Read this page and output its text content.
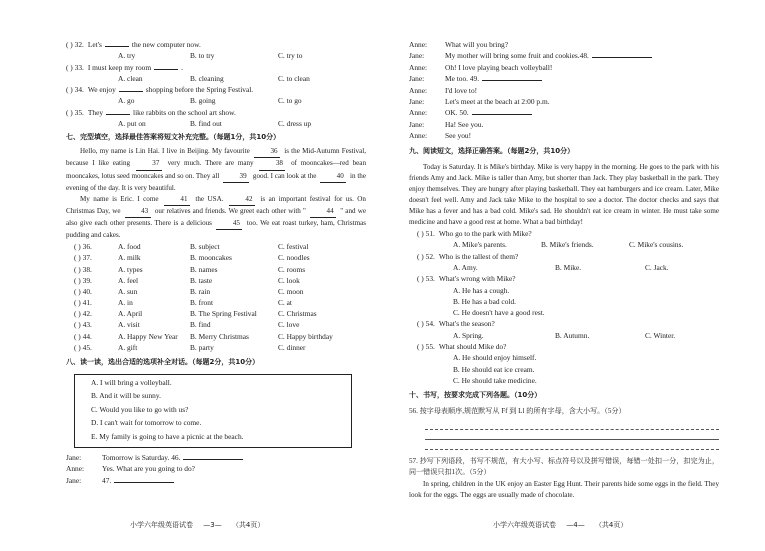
( ) 32. Let's	the new computer now.
A. try	B. to try	C. try to
( ) 33. I must keep my room	.
A. clean	B. cleaning	C. to clean
( ) 34. We enjoy	shopping before the Spring Festival.
A. go	B. going	C. to go
( ) 35. They	like rabbits on the school art show.
A. put on	B. find out	C. dress up
七、完型填空，选择最佳答案将短文补充完整。（每题1分，共10分）
Hello, my name is Lin Hai. I live in Beijing. My favourite	36 is the Mid-Autumn Festival, because I like eating	37 very much. There are many	38 of mooncakes—red bean mooncakes, lotus seed mooncakes and so on. They all	39 good. I can look at the	40 in the evening of the day. It is very beautiful.
My name is Eric. I come	41 the USA.	42 is an important festival for us. On Christmas Day, we	43 our relatives and friends. We greet each other with "	44 " and we also give each other presents. There is a delicious	45 too. We eat roast turkey, ham, Christmas pudding and cakes.
( ) 36.	A. food	B. subject	C. festival
( ) 37.	A. milk	B. mooncakes	C. noodles
( ) 38.	A. types	B. names	C. rooms
( ) 39.	A. feel	B. taste	C. look
( ) 40.	A. sun	B. rain	C. moon
( ) 41.	A. in	B. front	C. at
( ) 42.	A. April	B. The Spring Festival	C. Christmas
( ) 43.	A. visit	B. find	C. love
( ) 44.	A. Happy New Year B. Merry Christmas	C. Happy birthday
( ) 45.	A. gift	B. party	C. dinner
八、读一读，选出合适的选项补全对话。（每题2分，共10分）
A. I will bring a volleyball.
B. And it will be sunny.
C. Would you like to go with us?
D. I can't wait for tomorrow to come.
E. My family is going to have a picnic at the beach.
Jane:	Tomorrow is Saturday. 46.
Anne: Yes. What are you going to do?
Jane:	47.
Anne: What will you bring?
Jane:	My mother will bring some fruit and cookies.48.
Anne: Oh! I love playing beach volleyball!
Jane:	Me too. 49.
Anne: I'd love to!
Jane:	Let's meet at the beach at 2:00 p.m.
Anne: OK. 50.
Jane:	Ha! See you.
Anne: See you!
九、阅读短文，选择正确答案。（每题2分，共10分）
Today is Saturday. It is Mike's birthday. Mike is very happy in the morning. He goes to the park with his friends Amy and Jack. Mike is taller than Amy, but shorter than Jack. They play basketball in the park. They enjoy themselves. They are hungry after playing basketball. They eat hamburgers and ice cream. Later, Mike doesn't feel well. Amy and Jack take Mike to the hospital to see a doctor. The doctor checks and says that Mike has a fever and has a bad cold. Mike's sad. He shouldn't eat ice cream in winter. He must take some medicine and have a good rest at home. What a bad birthday!
( ) 51. Who go to the park with Mike?
A. Mike's parents.	B. Mike's friends.	C. Mike's cousins.
( ) 52. Who is the tallest of them?
A. Amy.	B. Mike.	C. Jack.
( ) 53. What's wrong with Mike?
A. He has a cough.
B. He has a bad cold.
C. He doesn't have a good rest.
( ) 54. What's the season?
A. Spring.	B. Autumn.	C. Winter.
( ) 55. What should Mike do?
A. He should enjoy himself.
B. He should eat ice cream.
C. He should take medicine.
十、书写，按要求完成下列各题。（10分）
56. 按字母表顺序,规范默写从 Ff 到 Ll 的所有字母，含大小写。（5分）
57. 抄写下列语段，书写不规范，有大小写、标点符号以及拼写错误，每错一处扣一分，扣完为止，同一错误只扣1次。（5分）
In spring, children in the UK enjoy an Easter Egg Hunt. Their parents hide some eggs in the field. They look for the eggs. The eggs are usually made of chocolate.
小学六年级英语试卷 —3— （共4页）	小学六年级英语试卷 —4— （共4页）
